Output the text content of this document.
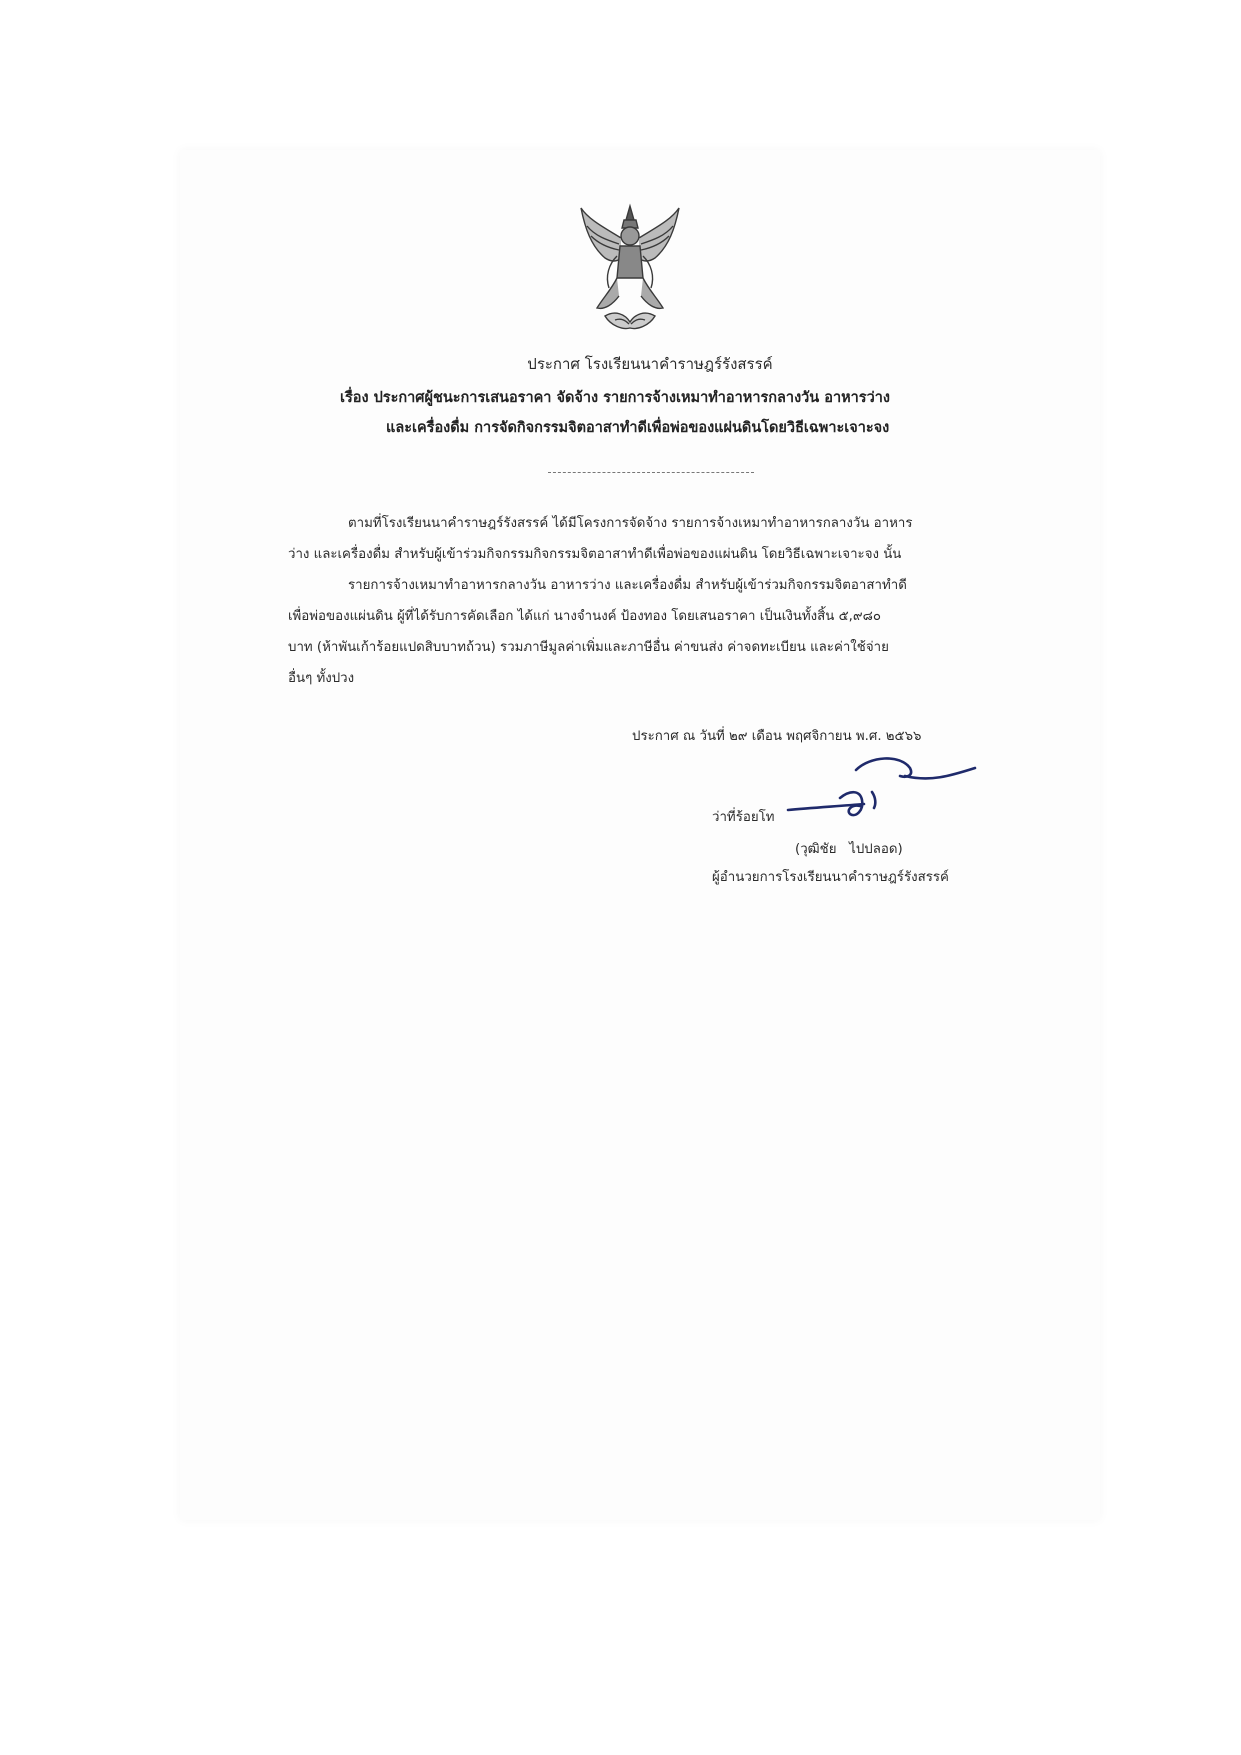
ประกาศ โรงเรียนนาคำราษฎร์รังสรรค์
เรื่อง ประกาศผู้ชนะการเสนอราคา จัดจ้าง รายการจ้างเหมาทำอาหารกลางวัน อาหารว่าง
และเครื่องดื่ม การจัดกิจกรรมจิตอาสาทำดีเพื่อพ่อของแผ่นดินโดยวิธีเฉพาะเจาะจง
ตามที่โรงเรียนนาคำราษฎร์รังสรรค์ ได้มีโครงการจัดจ้าง รายการจ้างเหมาทำอาหารกลางวัน อาหาร
ว่าง และเครื่องดื่ม สำหรับผู้เข้าร่วมกิจกรรมกิจกรรมจิตอาสาทำดีเพื่อพ่อของแผ่นดิน โดยวิธีเฉพาะเจาะจง นั้น
รายการจ้างเหมาทำอาหารกลางวัน อาหารว่าง และเครื่องดื่ม สำหรับผู้เข้าร่วมกิจกรรมจิตอาสาทำดี
เพื่อพ่อของแผ่นดิน ผู้ที่ได้รับการคัดเลือก ได้แก่ นางจำนงค์ ป้องทอง โดยเสนอราคา เป็นเงินทั้งสิ้น ๕,๙๘๐
บาท (ห้าพันเก้าร้อยแปดสิบบาทถ้วน) รวมภาษีมูลค่าเพิ่มและภาษีอื่น ค่าขนส่ง ค่าจดทะเบียน และค่าใช้จ่าย
อื่นๆ ทั้งปวง
ประกาศ ณ วันที่ ๒๙ เดือน พฤศจิกายน พ.ศ. ๒๕๖๖
ว่าที่ร้อยโท
(วุฒิชัย   ไปปลอด)
ผู้อำนวยการโรงเรียนนาคำราษฎร์รังสรรค์
